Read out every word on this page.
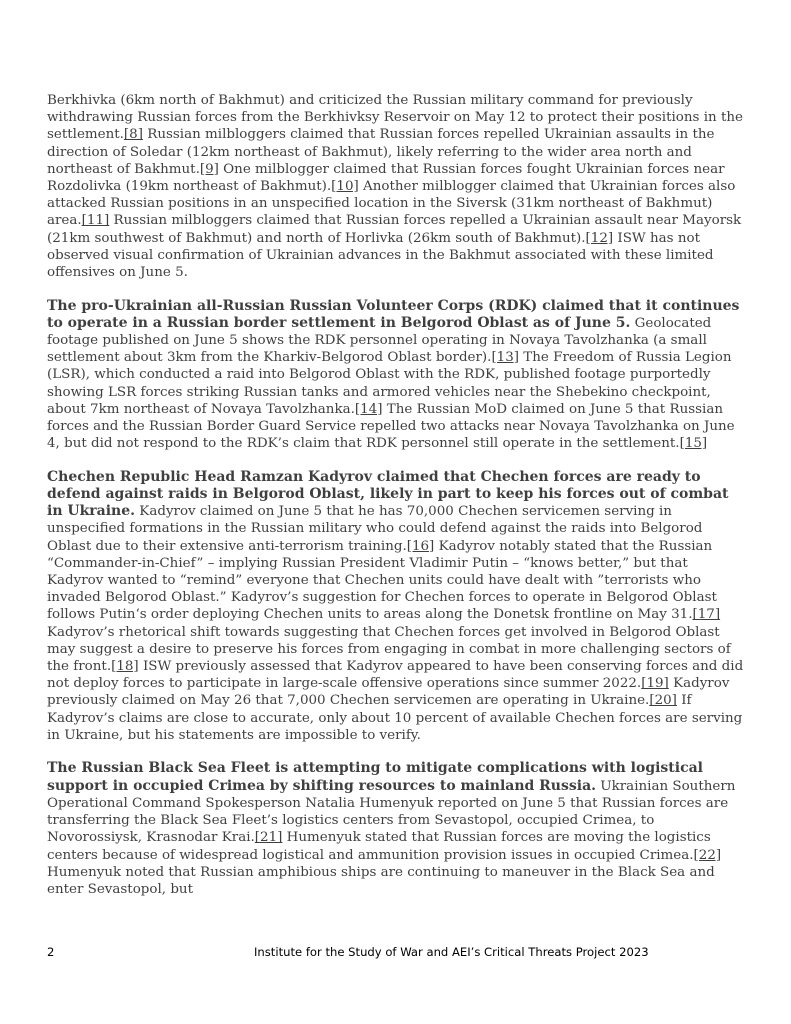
Berkhivka (6km north of Bakhmut) and criticized the Russian military command for previously withdrawing Russian forces from the Berkhivksy Reservoir on May 12 to protect their positions in the settlement.[8] Russian milbloggers claimed that Russian forces repelled Ukrainian assaults in the direction of Soledar (12km northeast of Bakhmut), likely referring to the wider area north and northeast of Bakhmut.[9] One milblogger claimed that Russian forces fought Ukrainian forces near Rozdolivka (19km northeast of Bakhmut).[10] Another milblogger claimed that Ukrainian forces also attacked Russian positions in an unspecified location in the Siversk (31km northeast of Bakhmut) area.[11] Russian milbloggers claimed that Russian forces repelled a Ukrainian assault near Mayorsk (21km southwest of Bakhmut) and north of Horlivka (26km south of Bakhmut).[12] ISW has not observed visual confirmation of Ukrainian advances in the Bakhmut associated with these limited offensives on June 5.

The pro-Ukrainian all-Russian Russian Volunteer Corps (RDK) claimed that it continues to operate in a Russian border settlement in Belgorod Oblast as of June 5. Geolocated footage published on June 5 shows the RDK personnel operating in Novaya Tavolzhanka (a small settlement about 3km from the Kharkiv-Belgorod Oblast border).[13] The Freedom of Russia Legion (LSR), which conducted a raid into Belgorod Oblast with the RDK, published footage purportedly showing LSR forces striking Russian tanks and armored vehicles near the Shebekino checkpoint, about 7km northeast of Novaya Tavolzhanka.[14] The Russian MoD claimed on June 5 that Russian forces and the Russian Border Guard Service repelled two attacks near Novaya Tavolzhanka on June 4, but did not respond to the RDK’s claim that RDK personnel still operate in the settlement.[15]

Chechen Republic Head Ramzan Kadyrov claimed that Chechen forces are ready to defend against raids in Belgorod Oblast, likely in part to keep his forces out of combat in Ukraine. Kadyrov claimed on June 5 that he has 70,000 Chechen servicemen serving in unspecified formations in the Russian military who could defend against the raids into Belgorod Oblast due to their extensive anti-terrorism training.[16] Kadyrov notably stated that the Russian “Commander-in-Chief” – implying Russian President Vladimir Putin – “knows better,” but that Kadyrov wanted to “remind” everyone that Chechen units could have dealt with ”terrorists who invaded Belgorod Oblast.” Kadyrov’s suggestion for Chechen forces to operate in Belgorod Oblast follows Putin‘s order deploying Chechen units to areas along the Donetsk frontline on May 31.[17] Kadyrov’s rhetorical shift towards suggesting that Chechen forces get involved in Belgorod Oblast may suggest a desire to preserve his forces from engaging in combat in more challenging sectors of the front.[18] ISW previously assessed that Kadyrov appeared to have been conserving forces and did not deploy forces to participate in large-scale offensive operations since summer 2022.[19] Kadyrov previously claimed on May 26 that 7,000 Chechen servicemen are operating in Ukraine.[20] If Kadyrov’s claims are close to accurate, only about 10 percent of available Chechen forces are serving in Ukraine, but his statements are impossible to verify.

The Russian Black Sea Fleet is attempting to mitigate complications with logistical support in occupied Crimea by shifting resources to mainland Russia. Ukrainian Southern Operational Command Spokesperson Natalia Humenyuk reported on June 5 that Russian forces are transferring the Black Sea Fleet’s logistics centers from Sevastopol, occupied Crimea, to Novorossiysk, Krasnodar Krai.[21] Humenyuk stated that Russian forces are moving the logistics centers because of widespread logistical and ammunition provision issues in occupied Crimea.[22] Humenyuk noted that Russian amphibious ships are continuing to maneuver in the Black Sea and enter Sevastopol, but

2	Institute for the Study of War and AEI’s Critical Threats Project 2023
